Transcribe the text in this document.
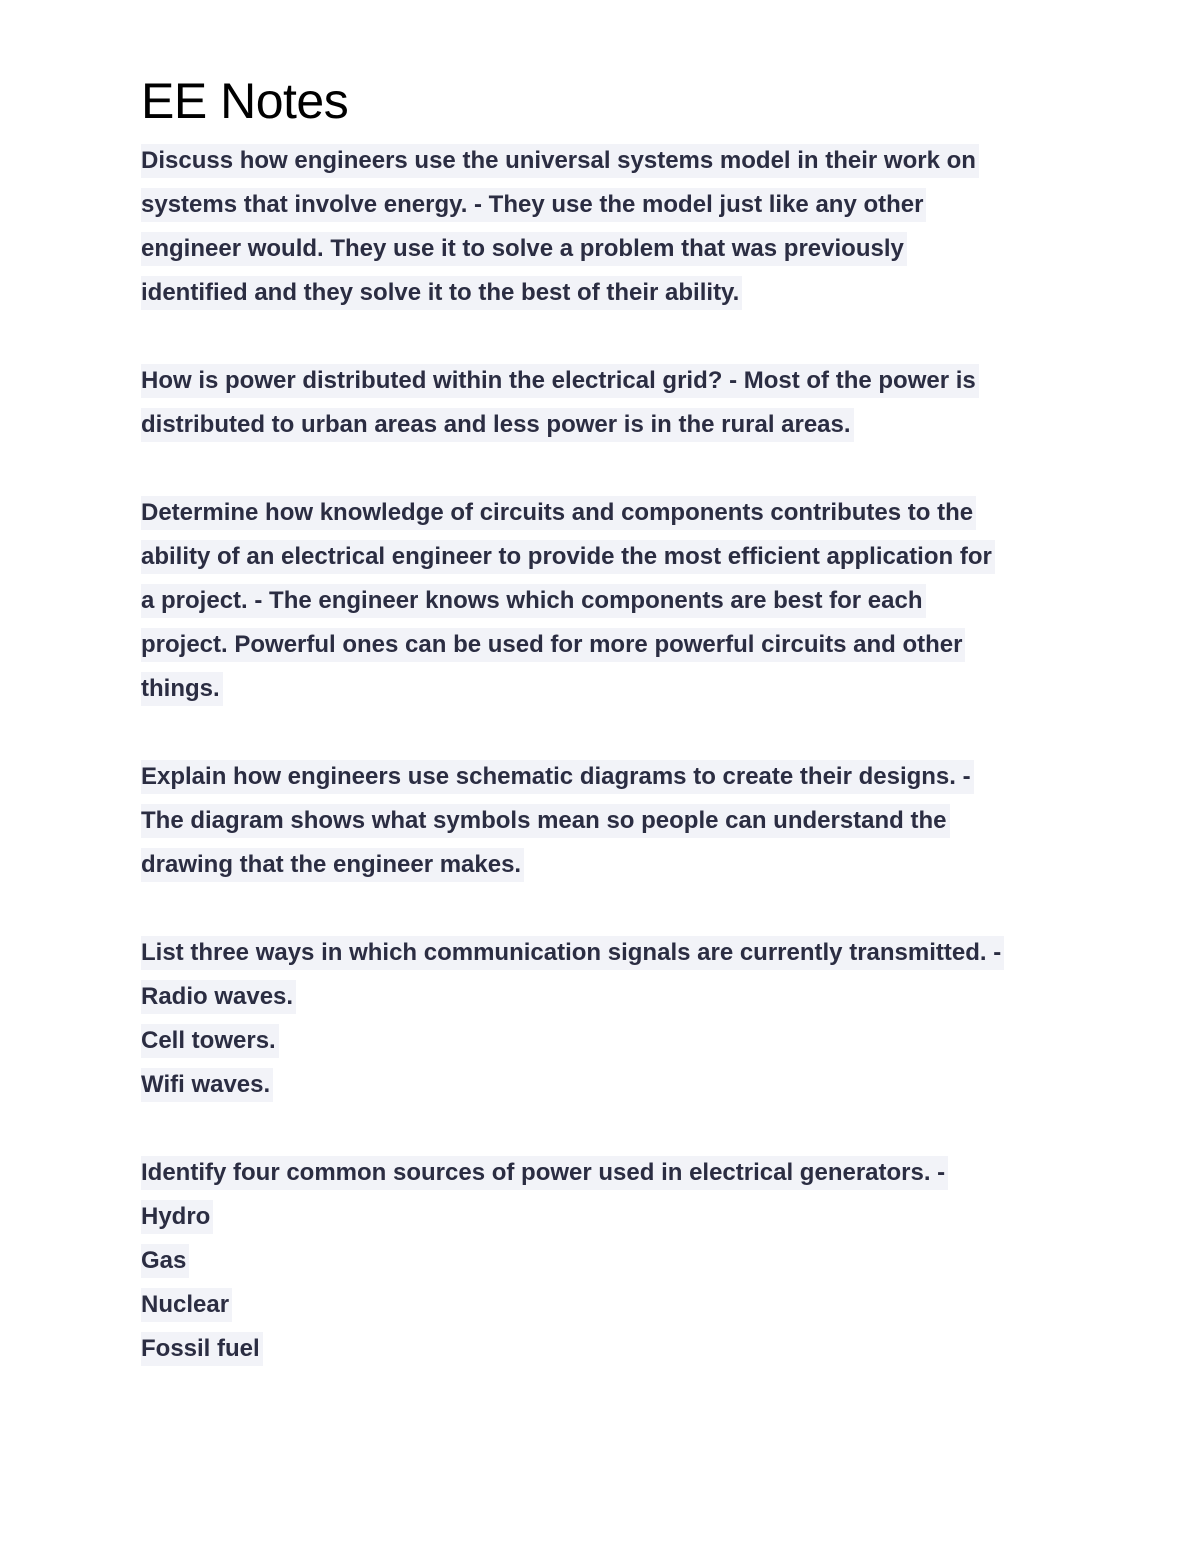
EE Notes
Discuss how engineers use the universal systems model in their work on
systems that involve energy. - They use the model just like any other
engineer would. They use it to solve a problem that was previously
identified and they solve it to the best of their ability.
How is power distributed within the electrical grid? - Most of the power is
distributed to urban areas and less power is in the rural areas.
Determine how knowledge of circuits and components contributes to the
ability of an electrical engineer to provide the most efficient application for
a project. - The engineer knows which components are best for each
project. Powerful ones can be used for more powerful circuits and other
things.
Explain how engineers use schematic diagrams to create their designs. -
The diagram shows what symbols mean so people can understand the
drawing that the engineer makes.
List three ways in which communication signals are currently transmitted. -
Radio waves.
Cell towers.
Wifi waves.
Identify four common sources of power used in electrical generators. -
Hydro
Gas
Nuclear
Fossil fuel
